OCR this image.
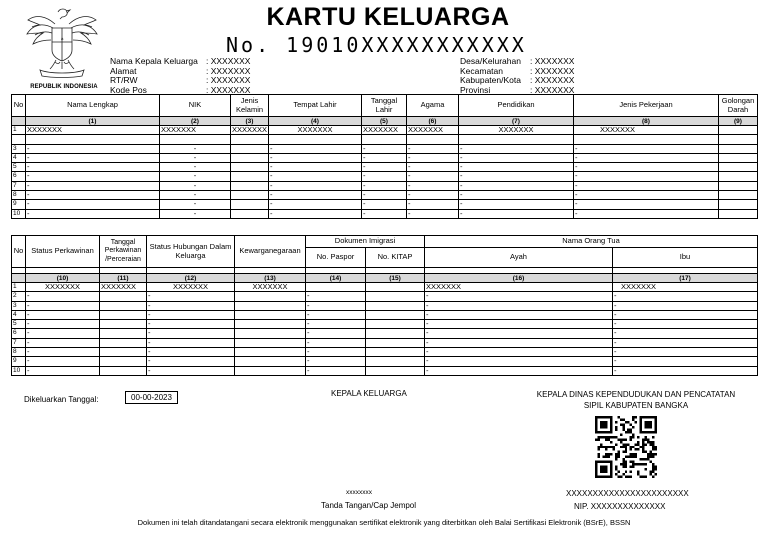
REPUBLIK INDONESIA
KARTU KELUARGA
No. 19010XXXXXXXXXXX
Nama Kepala Keluarga : XXXXXXX
Alamat	: XXXXXXX
RT/RW	: XXXXXXX
Kode Pos	: XXXXXXX
Desa/Kelurahan	: XXXXXXX
Kecamatan	: XXXXXXX
Kabupaten/Kota	: XXXXXXX
Provinsi	: XXXXXXX
No	Nama Lengkap	NIK	Jenis Kelamin	Tempat Lahir	Tanggal Lahir	Agama	Pendidikan	Jenis Pekerjaan	Golongan Darah
	(1)	(2)	(3)	(4)	(5)	(6)	(7)	(8)	(9)
1	XXXXXXX	XXXXXXX	XXXXXXX	XXXXXXX	XXXXXXX	XXXXXXX	XXXXXXX	XXXXXXX	

3	-	-		-	-	-	-	-	
4	-	-		-	-	-	-	-	
5	-	-		-	-	-	-	-	
6	-	-		-	-	-	-	-	
7	-	-		-	-	-	-	-	
8	-	-		-	-	-	-	-	
9	-	-		-	-	-	-	-	
10	-	-		-	-	-	-	-	
No	Status Perkawinan	Tanggal Perkawinan /Perceraian	Status Hubungan Dalam Keluarga	Kewarganegaraan	Dokumen Imigrasi		Nama Orang Tua	
					No. Paspor	No. KITAP	Ayah	Ibu

	(10)	(11)	(12)	(13)	(14)	(15)	(16)	(17)
1	XXXXXXX	XXXXXXX	XXXXXXX	XXXXXXX			XXXXXXX	XXXXXXX
2	-		-		-		-	-
3	-		-		-		-	-
4	-		-		-		-	-
5	-		-		-		-	-
6	-		-		-		-	-
7	-		-		-		-	-
8	-		-		-		-	-
9	-		-		-		-	-
10	-		-		-		-	-
Dikeluarkan Tanggal:	00-00-2023	KEPALA KELUARGA
xxxxxxxx
Tanda Tangan/Cap Jempol
KEPALA DINAS KEPENDUDUKAN DAN PENCATATAN SIPIL KABUPATEN BANGKA
XXXXXXXXXXXXXXXXXXXXXXX
NIP. XXXXXXXXXXXXXX
Dokumen ini telah ditandatangani secara elektronik menggunakan sertifikat elektronik yang diterbitkan oleh Balai Sertifikasi Elektronik (BSrE), BSSN
